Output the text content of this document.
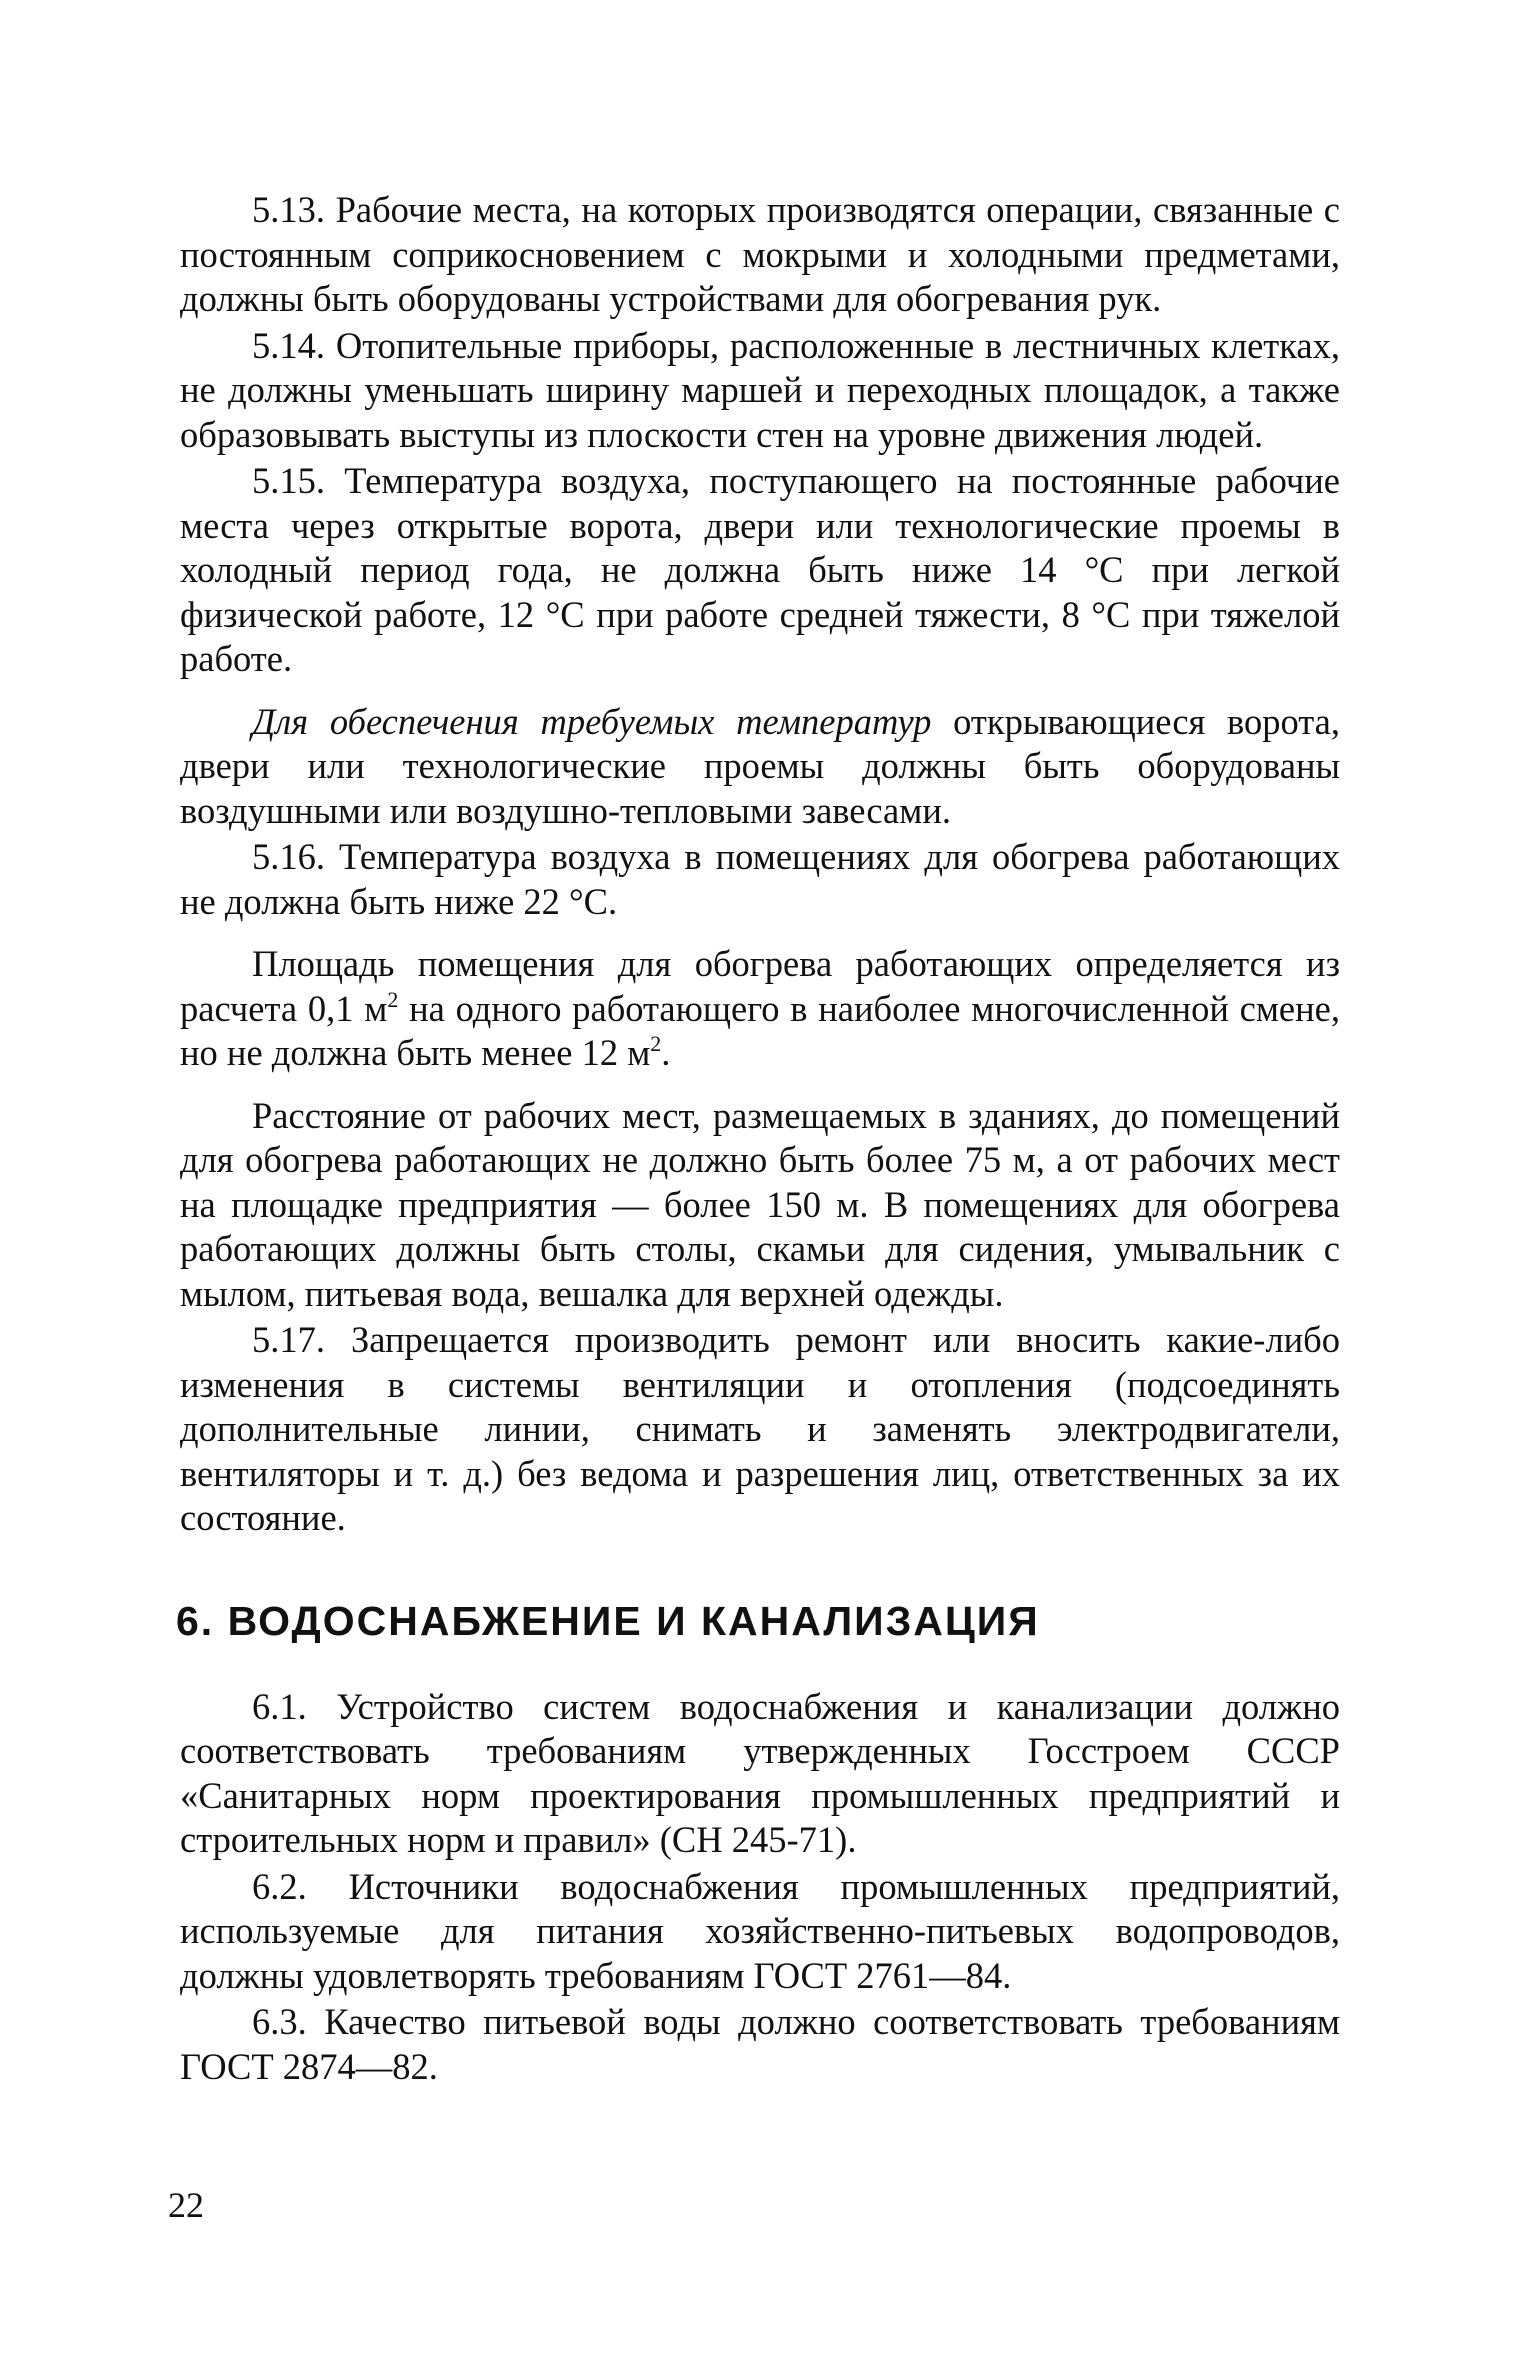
5.13. Рабочие места, на которых производятся операции, связанные с постоянным соприкосновением с мокрыми и холодными предметами, должны быть оборудованы устройствами для обогревания рук.

5.14. Отопительные приборы, расположенные в лестничных клетках, не должны уменьшать ширину маршей и переходных площадок, а также образовывать выступы из плоскости стен на уровне движения людей.

5.15. Температура воздуха, поступающего на постоянные рабочие места через открытые ворота, двери или технологические проемы в холодный период года, не должна быть ниже 14 °С при легкой физической работе, 12 °С при работе средней тяжести, 8 °С при тяжелой работе.

Для обеспечения требуемых температур открывающиеся ворота, двери или технологические проемы должны быть оборудованы воздушными или воздушно-тепловыми завесами.

5.16. Температура воздуха в помещениях для обогрева работающих не должна быть ниже 22 °С.

Площадь помещения для обогрева работающих определяется из расчета 0,1 $м^2$ на одного работающего в наиболее многочисленной смене, но не должна быть менее 12 $м^2$.

Расстояние от рабочих мест, размещаемых в зданиях, до помещений для обогрева работающих не должно быть более 75 м, а от рабочих мест на площадке предприятия — более 150 м. В помещениях для обогрева работающих должны быть столы, скамьи для сидения, умывальник с мылом, питьевая вода, вешалка для верхней одежды.

5.17. Запрещается производить ремонт или вносить какие-либо изменения в системы вентиляции и отопления (подсоединять дополнительные линии, снимать и заменять электродвигатели, вентиляторы и т. д.) без ведома и разрешения лиц, ответственных за их состояние.

6. ВОДОСНАБЖЕНИЕ И КАНАЛИЗАЦИЯ

6.1. Устройство систем водоснабжения и канализации должно соответствовать требованиям утвержденных Госстроем СССР «Санитарных норм проектирования промышленных предприятий и строительных норм и правил» (СН 245-71).

6.2. Источники водоснабжения промышленных предприятий, используемые для питания хозяйственно-питьевых водопроводов, должны удовлетворять требованиям ГОСТ 2761—84.

6.3. Качество питьевой воды должно соответствовать требованиям ГОСТ 2874—82.

22
